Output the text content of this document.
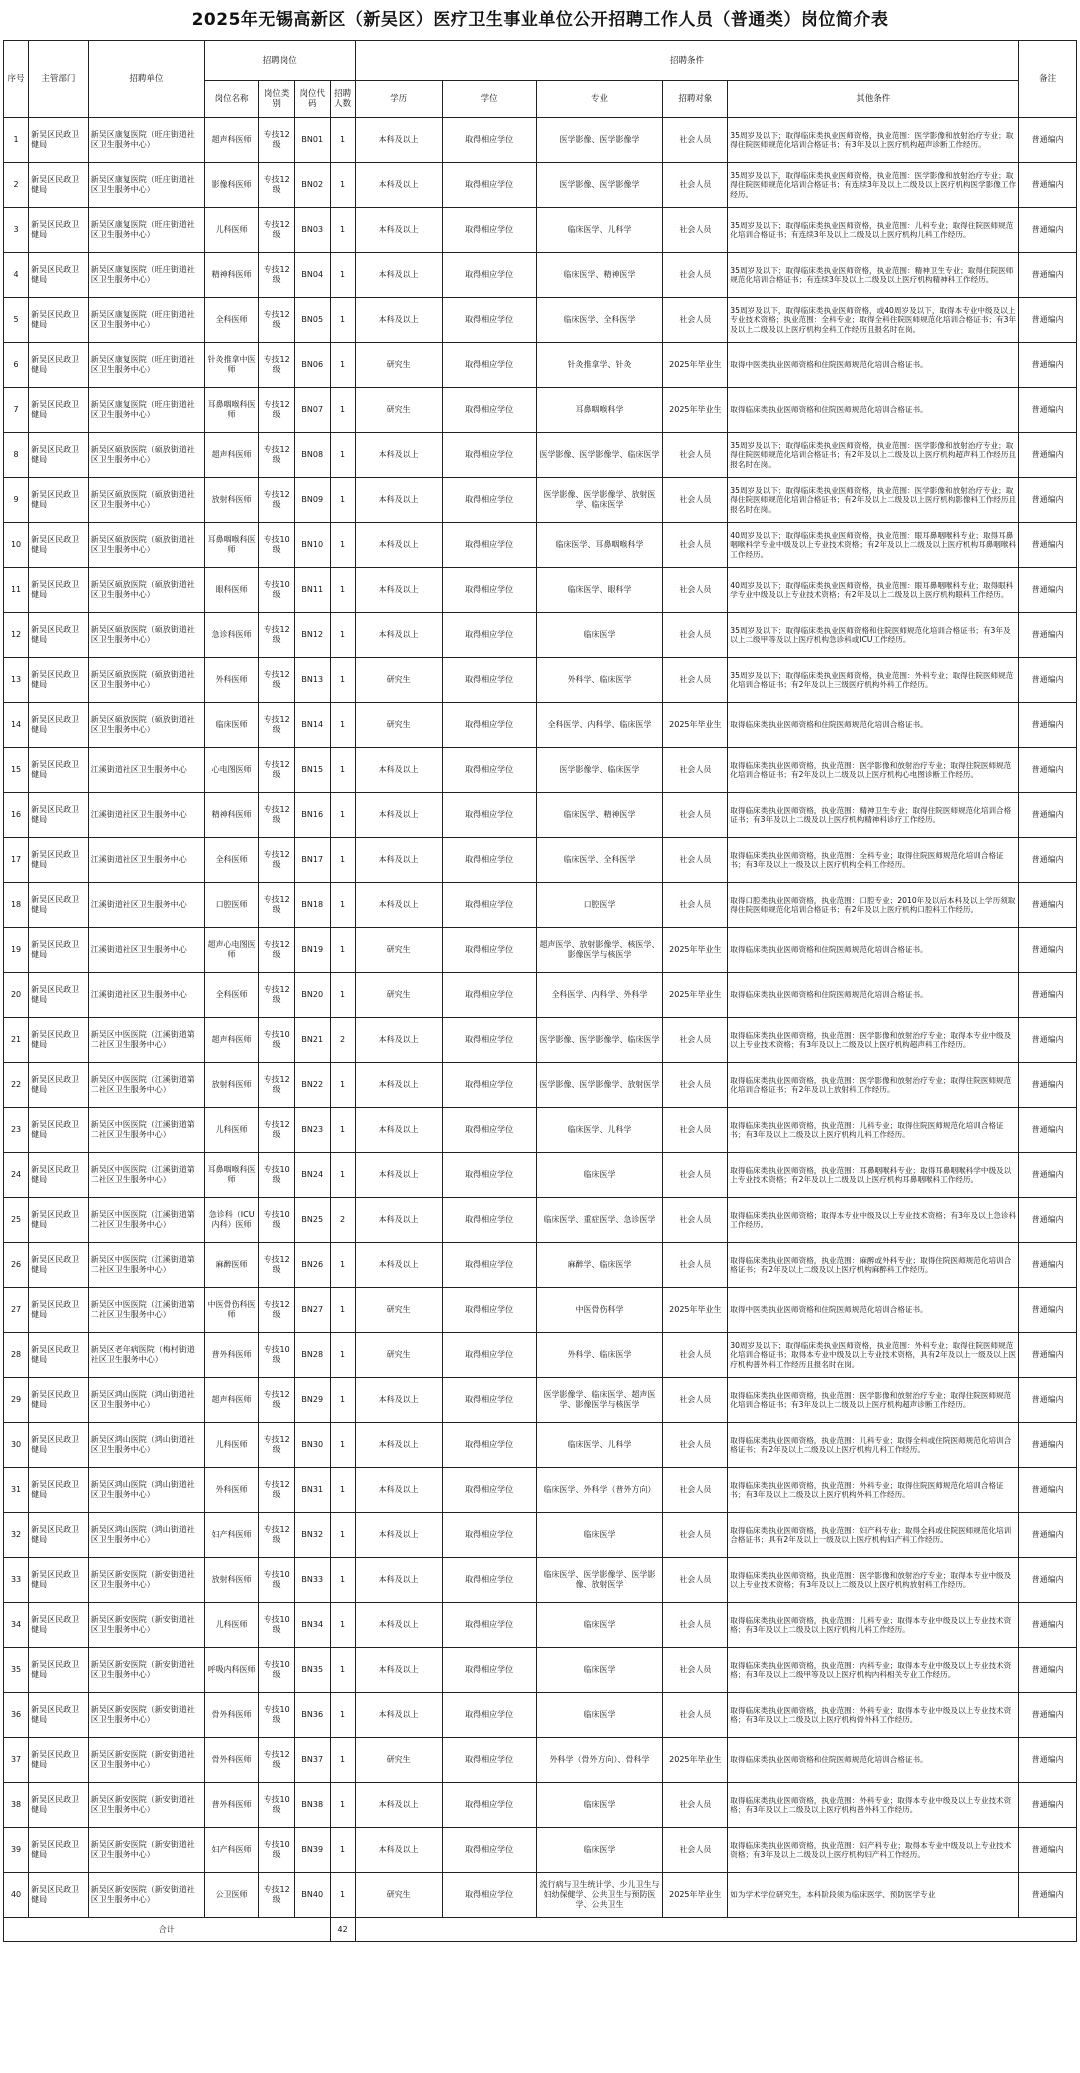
2025年无锡高新区（新吴区）医疗卫生事业单位公开招聘工作人员（普通类）岗位简介表
序号	主管部门	招聘单位	招聘岗位				招聘条件					备注
			岗位名称	岗位类别	岗位代码	招聘人数	学历	学位	专业	招聘对象	其他条件	
1	新吴区民政卫健局	新吴区康复医院（旺庄街道社区卫生服务中心）	超声科医师	专技12级	BN01	1	本科及以上	取得相应学位	医学影像、医学影像学	社会人员	35周岁及以下；取得临床类执业医师资格，执业范围：医学影像和放射治疗专业；取得住院医师规范化培训合格证书；有3年及以上医疗机构超声诊断工作经历。	普通编内
2	新吴区民政卫健局	新吴区康复医院（旺庄街道社区卫生服务中心）	影像科医师	专技12级	BN02	1	本科及以上	取得相应学位	医学影像、医学影像学	社会人员	35周岁及以下，取得临床类执业医师资格，执业范围：医学影像和放射治疗专业；取得住院医师规范化培训合格证书；有连续3年及以上二级及以上医疗机构医学影像工作经历。	普通编内
3	新吴区民政卫健局	新吴区康复医院（旺庄街道社区卫生服务中心）	儿科医师	专技12级	BN03	1	本科及以上	取得相应学位	临床医学、儿科学	社会人员	35周岁及以下；取得临床类执业医师资格，执业范围：儿科专业；取得住院医师规范化培训合格证书；有连续3年及以上二级及以上医疗机构儿科工作经历。	普通编内
4	新吴区民政卫健局	新吴区康复医院（旺庄街道社区卫生服务中心）	精神科医师	专技12级	BN04	1	本科及以上	取得相应学位	临床医学、精神医学	社会人员	35周岁及以下；取得临床类执业医师资格，执业范围：精神卫生专业；取得住院医师规范化培训合格证书；有连续3年及以上二级及以上医疗机构精神科工作经历。	普通编内
5	新吴区民政卫健局	新吴区康复医院（旺庄街道社区卫生服务中心）	全科医师	专技12级	BN05	1	本科及以上	取得相应学位	临床医学、全科医学	社会人员	35周岁及以下，取得临床类执业医师资格，或40周岁及以下，取得本专业中级及以上专业技术资格；执业范围：全科专业；取得全科住院医师规范化培训合格证书；有3年及以上二级及以上医疗机构全科工作经历且报名时在岗。	普通编内
6	新吴区民政卫健局	新吴区康复医院（旺庄街道社区卫生服务中心）	针灸推拿中医师	专技12级	BN06	1	研究生	取得相应学位	针灸推拿学、针灸	2025年毕业生	取得中医类执业医师资格和住院医师规范化培训合格证书。	普通编内
7	新吴区民政卫健局	新吴区康复医院（旺庄街道社区卫生服务中心）	耳鼻咽喉科医师	专技12级	BN07	1	研究生	取得相应学位	耳鼻咽喉科学	2025年毕业生	取得临床类执业医师资格和住院医师规范化培训合格证书。	普通编内
8	新吴区民政卫健局	新吴区硕放医院（硕放街道社区卫生服务中心）	超声科医师	专技12级	BN08	1	本科及以上	取得相应学位	医学影像、医学影像学、临床医学	社会人员	35周岁及以下；取得临床类执业医师资格，执业范围：医学影像和放射治疗专业；取得住院医师规范化培训合格证书；有2年及以上二级及以上医疗机构超声科工作经历且报名时在岗。	普通编内
9	新吴区民政卫健局	新吴区硕放医院（硕放街道社区卫生服务中心）	放射科医师	专技12级	BN09	1	本科及以上	取得相应学位	医学影像、医学影像学、放射医学、临床医学	社会人员	35周岁及以下；取得临床类执业医师资格，执业范围：医学影像和放射治疗专业；取得住院医师规范化培训合格证书；有2年及以上二级及以上医疗机构影像科工作经历且报名时在岗。	普通编内
10	新吴区民政卫健局	新吴区硕放医院（硕放街道社区卫生服务中心）	耳鼻咽喉科医师	专技10级	BN10	1	本科及以上	取得相应学位	临床医学、耳鼻咽喉科学	社会人员	40周岁及以下；取得临床类执业医师资格，执业范围：眼耳鼻咽喉科专业；取得耳鼻咽喉科学专业中级及以上专业技术资格；有2年及以上二级及以上医疗机构耳鼻咽喉科工作经历。	普通编内
11	新吴区民政卫健局	新吴区硕放医院（硕放街道社区卫生服务中心）	眼科医师	专技10级	BN11	1	本科及以上	取得相应学位	临床医学、眼科学	社会人员	40周岁及以下；取得临床类执业医师资格，执业范围：眼耳鼻咽喉科专业；取得眼科学专业中级及以上专业技术资格；有2年及以上二级及以上医疗机构眼科工作经历。	普通编内
12	新吴区民政卫健局	新吴区硕放医院（硕放街道社区卫生服务中心）	急诊科医师	专技12级	BN12	1	本科及以上	取得相应学位	临床医学	社会人员	35周岁及以下；取得临床类执业医师资格和住院医师规范化培训合格证书；有3年及以上二级甲等及以上医疗机构急诊科或ICU工作经历。	普通编内
13	新吴区民政卫健局	新吴区硕放医院（硕放街道社区卫生服务中心）	外科医师	专技12级	BN13	1	研究生	取得相应学位	外科学、临床医学	社会人员	35周岁及以下；取得临床类执业医师资格，执业范围：外科专业；取得住院医师规范化培训合格证书；有2年及以上三级医疗机构外科工作经历。	普通编内
14	新吴区民政卫健局	新吴区硕放医院（硕放街道社区卫生服务中心）	临床医师	专技12级	BN14	1	研究生	取得相应学位	全科医学、内科学、临床医学	2025年毕业生	取得临床类执业医师资格和住院医师规范化培训合格证书。	普通编内
15	新吴区民政卫健局	江溪街道社区卫生服务中心	心电图医师	专技12级	BN15	1	本科及以上	取得相应学位	医学影像学、临床医学	社会人员	取得临床类执业医师资格，执业范围：医学影像和放射治疗专业；取得住院医师规范化培训合格证书；有2年及以上二级及以上医疗机构心电图诊断工作经历。	普通编内
16	新吴区民政卫健局	江溪街道社区卫生服务中心	精神科医师	专技12级	BN16	1	本科及以上	取得相应学位	临床医学、精神医学	社会人员	取得临床类执业医师资格，执业范围：精神卫生专业；取得住院医师规范化培训合格证书；有3年及以上二级及以上医疗机构精神科诊疗工作经历。	普通编内
17	新吴区民政卫健局	江溪街道社区卫生服务中心	全科医师	专技12级	BN17	1	本科及以上	取得相应学位	临床医学、全科医学	社会人员	取得临床类执业医师资格，执业范围：全科专业；取得住院医师规范化培训合格证书；有3年及以上一级及以上医疗机构全科工作经历。	普通编内
18	新吴区民政卫健局	江溪街道社区卫生服务中心	口腔医师	专技12级	BN18	1	本科及以上	取得相应学位	口腔医学	社会人员	取得口腔类执业医师资格，执业范围：口腔专业；2010年及以后本科及以上学历须取得住院医师规范化培训合格证书；有2年及以上医疗机构口腔科工作经历。	普通编内
19	新吴区民政卫健局	江溪街道社区卫生服务中心	超声心电图医师	专技12级	BN19	1	研究生	取得相应学位	超声医学、放射影像学、核医学、影像医学与核医学	2025年毕业生	取得临床类执业医师资格和住院医师规范化培训合格证书。	普通编内
20	新吴区民政卫健局	江溪街道社区卫生服务中心	全科医师	专技12级	BN20	1	研究生	取得相应学位	全科医学、内科学、外科学	2025年毕业生	取得临床类执业医师资格和住院医师规范化培训合格证书。	普通编内
21	新吴区民政卫健局	新吴区中医医院（江溪街道第二社区卫生服务中心）	超声科医师	专技10级	BN21	2	本科及以上	取得相应学位	医学影像、医学影像学、临床医学	社会人员	取得临床类执业医师资格，执业范围：医学影像和放射治疗专业；取得本专业中级及以上专业技术资格；有3年及以上二级及以上医疗机构超声科工作经历。	普通编内
22	新吴区民政卫健局	新吴区中医医院（江溪街道第二社区卫生服务中心）	放射科医师	专技12级	BN22	1	本科及以上	取得相应学位	医学影像、医学影像学、放射医学	社会人员	取得临床类执业医师资格，执业范围：医学影像和放射治疗专业；取得住院医师规范化培训合格证书；有2年及以上放射科工作经历。	普通编内
23	新吴区民政卫健局	新吴区中医医院（江溪街道第二社区卫生服务中心）	儿科医师	专技12级	BN23	1	本科及以上	取得相应学位	临床医学、儿科学	社会人员	取得临床类执业医师资格，执业范围：儿科专业；取得住院医师规范化培训合格证书；有3年及以上二级及以上医疗机构儿科工作经历。	普通编内
24	新吴区民政卫健局	新吴区中医医院（江溪街道第二社区卫生服务中心）	耳鼻咽喉科医师	专技10级	BN24	1	本科及以上	取得相应学位	临床医学	社会人员	取得临床类执业医师资格，执业范围：耳鼻咽喉科专业；取得耳鼻咽喉科学中级及以上专业技术资格；有2年及以上二级及以上医疗机构耳鼻咽喉科工作经历。	普通编内
25	新吴区民政卫健局	新吴区中医医院（江溪街道第二社区卫生服务中心）	急诊科（ICU内科）医师	专技10级	BN25	2	本科及以上	取得相应学位	临床医学、重症医学、急诊医学	社会人员	取得临床类执业医师资格；取得本专业中级及以上专业技术资格；有3年及以上急诊科工作经历。	普通编内
26	新吴区民政卫健局	新吴区中医医院（江溪街道第二社区卫生服务中心）	麻醉医师	专技12级	BN26	1	本科及以上	取得相应学位	麻醉学、临床医学	社会人员	取得临床类执业医师资格，执业范围：麻醉或外科专业；取得住院医师规范化培训合格证书；有2年及以上二级及以上医疗机构麻醉科工作经历。	普通编内
27	新吴区民政卫健局	新吴区中医医院（江溪街道第二社区卫生服务中心）	中医骨伤科医师	专技12级	BN27	1	研究生	取得相应学位	中医骨伤科学	2025年毕业生	取得中医类执业医师资格和住院医师规范化培训合格证书。	普通编内
28	新吴区民政卫健局	新吴区老年病医院（梅村街道社区卫生服务中心）	普外科医师	专技10级	BN28	1	研究生	取得相应学位	外科学、临床医学	社会人员	30周岁及以下；取得临床类执业医师资格，执业范围：外科专业；取得住院医师规范化培训合格证书；取得本专业中级及以上专业技术资格，具有2年及以上一级及以上医疗机构普外科工作经历且报名时在岗。	普通编内
29	新吴区民政卫健局	新吴区鸿山医院（鸿山街道社区卫生服务中心）	超声科医师	专技12级	BN29	1	本科及以上	取得相应学位	医学影像学、临床医学、超声医学、影像医学与核医学	社会人员	取得临床类执业医师资格，执业范围：医学影像和放射治疗专业；取得住院医师规范化培训合格证书；有3年及以上二级及以上医疗机构超声诊断工作经历。	普通编内
30	新吴区民政卫健局	新吴区鸿山医院（鸿山街道社区卫生服务中心）	儿科医师	专技12级	BN30	1	本科及以上	取得相应学位	临床医学、儿科学	社会人员	取得临床类执业医师资格，执业范围：儿科专业；取得全科或住院医师规范化培训合格证书；有2年及以上二级及以上医疗机构儿科工作经历。	普通编内
31	新吴区民政卫健局	新吴区鸿山医院（鸿山街道社区卫生服务中心）	外科医师	专技12级	BN31	1	本科及以上	取得相应学位	临床医学、外科学（普外方向）	社会人员	取得临床类执业医师资格，执业范围：外科专业；取得住院医师规范化培训合格证书；有3年及以上二级及以上医疗机构外科工作经历。	普通编内
32	新吴区民政卫健局	新吴区鸿山医院（鸿山街道社区卫生服务中心）	妇产科医师	专技12级	BN32	1	本科及以上	取得相应学位	临床医学	社会人员	取得临床类执业医师资格，执业范围：妇产科专业；取得全科或住院医师规范化培训合格证书；具有2年及以上一级及以上医疗机构妇产科工作经历。	普通编内
33	新吴区民政卫健局	新吴区新安医院（新安街道社区卫生服务中心）	放射科医师	专技10级	BN33	1	本科及以上	取得相应学位	临床医学、医学影像学、医学影像、放射医学	社会人员	取得临床类执业医师资格，执业范围：医学影像和放射治疗专业；取得本专业中级及以上专业技术资格；有3年及以上二级及以上医疗机构放射科工作经历。	普通编内
34	新吴区民政卫健局	新吴区新安医院（新安街道社区卫生服务中心）	儿科医师	专技10级	BN34	1	本科及以上	取得相应学位	临床医学	社会人员	取得临床类执业医师资格，执业范围：儿科专业；取得本专业中级及以上专业技术资格；有3年及以上二级及以上医疗机构儿科工作经历。	普通编内
35	新吴区民政卫健局	新吴区新安医院（新安街道社区卫生服务中心）	呼吸内科医师	专技10级	BN35	1	本科及以上	取得相应学位	临床医学	社会人员	取得临床类执业医师资格，执业范围：内科专业；取得本专业中级及以上专业技术资格；有3年及以上二级甲等及以上医疗机构内科相关专业工作经历。	普通编内
36	新吴区民政卫健局	新吴区新安医院（新安街道社区卫生服务中心）	骨外科医师	专技10级	BN36	1	本科及以上	取得相应学位	临床医学	社会人员	取得临床类执业医师资格，执业范围：外科专业；取得本专业中级及以上专业技术资格；有3年及以上二级及以上医疗机构骨外科工作经历。	普通编内
37	新吴区民政卫健局	新吴区新安医院（新安街道社区卫生服务中心）	骨外科医师	专技12级	BN37	1	研究生	取得相应学位	外科学（骨外方向）、骨科学	2025年毕业生	取得临床类执业医师资格和住院医师规范化培训合格证书。	普通编内
38	新吴区民政卫健局	新吴区新安医院（新安街道社区卫生服务中心）	普外科医师	专技10级	BN38	1	本科及以上	取得相应学位	临床医学	社会人员	取得临床类执业医师资格，执业范围：外科专业；取得本专业中级及以上专业技术资格；有3年及以上二级及以上医疗机构普外科工作经历。	普通编内
39	新吴区民政卫健局	新吴区新安医院（新安街道社区卫生服务中心）	妇产科医师	专技10级	BN39	1	本科及以上	取得相应学位	临床医学	社会人员	取得临床类执业医师资格，执业范围：妇产科专业；取得本专业中级及以上专业技术资格；有3年及以上二级及以上医疗机构妇产科工作经历。	普通编内
40	新吴区民政卫健局	新吴区新安医院（新安街道社区卫生服务中心）	公卫医师	专技12级	BN40	1	研究生	取得相应学位	流行病与卫生统计学、少儿卫生与妇幼保健学、公共卫生与预防医学、公共卫生	2025年毕业生	如为学术学位研究生，本科阶段须为临床医学、预防医学专业	普通编内
合计						42						
